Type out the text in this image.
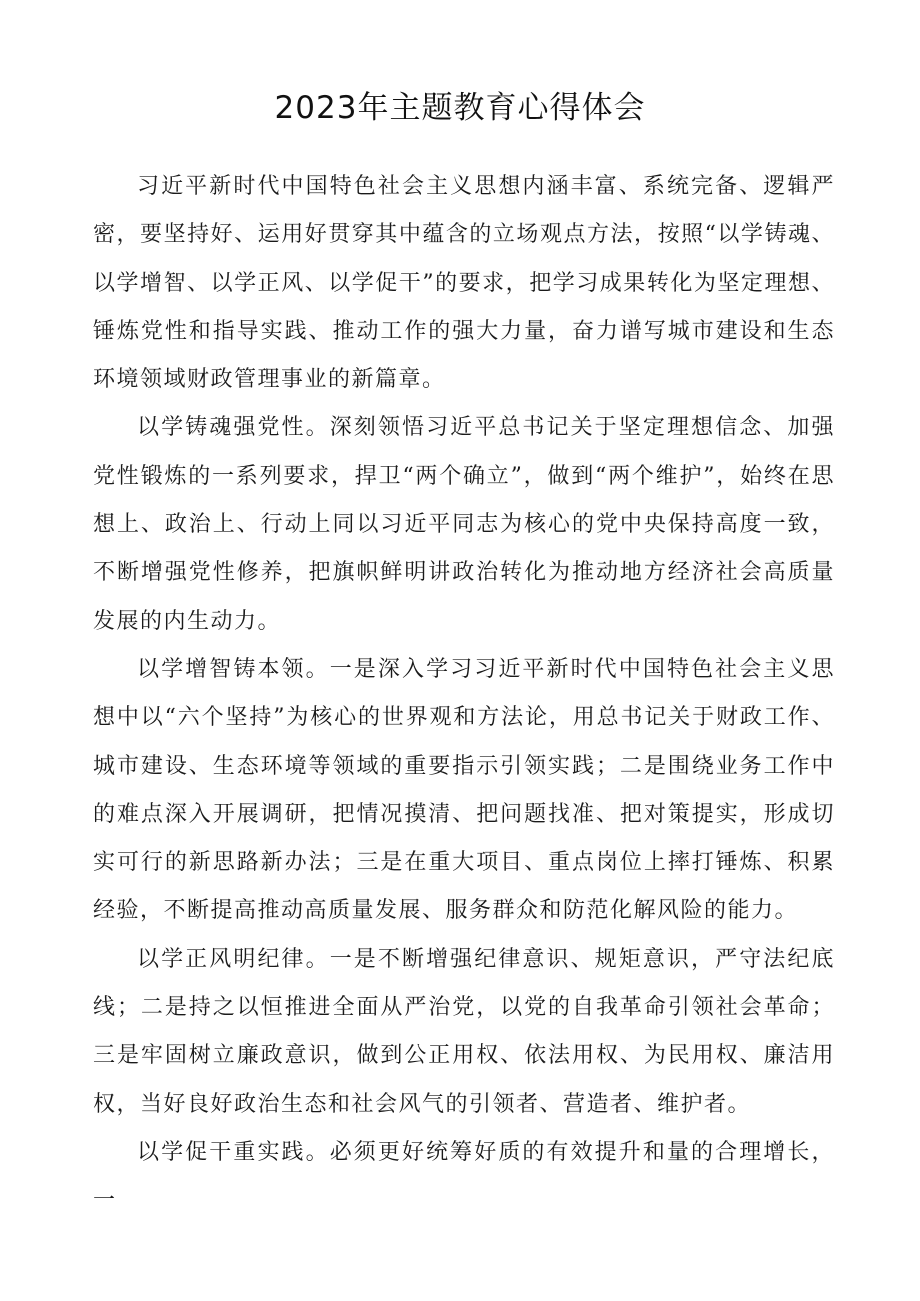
2023年主题教育心得体会

习近平新时代中国特色社会主义思想内涵丰富、系统完备、逻辑严密，要坚持好、运用好贯穿其中蕴含的立场观点方法，按照“以学铸魂、以学增智、以学正风、以学促干”的要求，把学习成果转化为坚定理想、锤炼党性和指导实践、推动工作的强大力量，奋力谱写城市建设和生态环境领域财政管理事业的新篇章。

以学铸魂强党性。深刻领悟习近平总书记关于坚定理想信念、加强党性锻炼的一系列要求，捍卫“两个确立”，做到“两个维护”，始终在思想上、政治上、行动上同以习近平同志为核心的党中央保持高度一致，不断增强党性修养，把旗帜鲜明讲政治转化为推动地方经济社会高质量发展的内生动力。

以学增智铸本领。一是深入学习习近平新时代中国特色社会主义思想中以“六个坚持”为核心的世界观和方法论，用总书记关于财政工作、城市建设、生态环境等领域的重要指示引领实践；二是围绕业务工作中的难点深入开展调研，把情况摸清、把问题找准、把对策提实，形成切实可行的新思路新办法；三是在重大项目、重点岗位上摔打锤炼、积累经验，不断提高推动高质量发展、服务群众和防范化解风险的能力。

以学正风明纪律。一是不断增强纪律意识、规矩意识，严守法纪底线；二是持之以恒推进全面从严治党，以党的自我革命引领社会革命；三是牢固树立廉政意识，做到公正用权、依法用权、为民用权、廉洁用权，当好良好政治生态和社会风气的引领者、营造者、维护者。

以学促干重实践。必须更好统筹好质的有效提升和量的合理增长，一
